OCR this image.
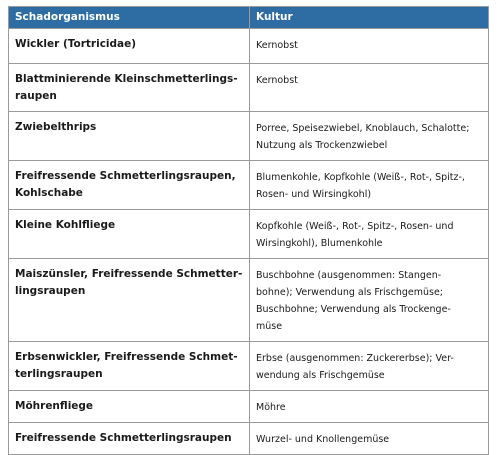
Schadorganismus	Kultur
Wickler (Tortricidae)	Kernobst
Blattminierende Kleinschmetterlings-
raupen	Kernobst
Zwiebelthrips	Porree, Speisezwiebel, Knoblauch, Schalotte;
Nutzung als Trockenzwiebel
Freifressende Schmetterlingsraupen,
Kohlschabe	Blumenkohle, Kopfkohle (Weiß-, Rot-, Spitz-,
Rosen- und Wirsingkohl)
Kleine Kohlfliege	Kopfkohle (Weiß-, Rot-, Spitz-, Rosen- und
Wirsingkohl), Blumenkohle
Maiszünsler, Freifressende Schmetter-
lingsraupen	Buschbohne (ausgenommen: Stangen-
bohne); Verwendung als Frischgemüse;
Buschbohne; Verwendung als Trockenge-
müse
Erbsenwickler, Freifressende Schmet-
terlingsraupen	Erbse (ausgenommen: Zuckererbse); Ver-
wendung als Frischgemüse
Möhrenfliege	Möhre
Freifressende Schmetterlingsraupen	Wurzel- und Knollengemüse
